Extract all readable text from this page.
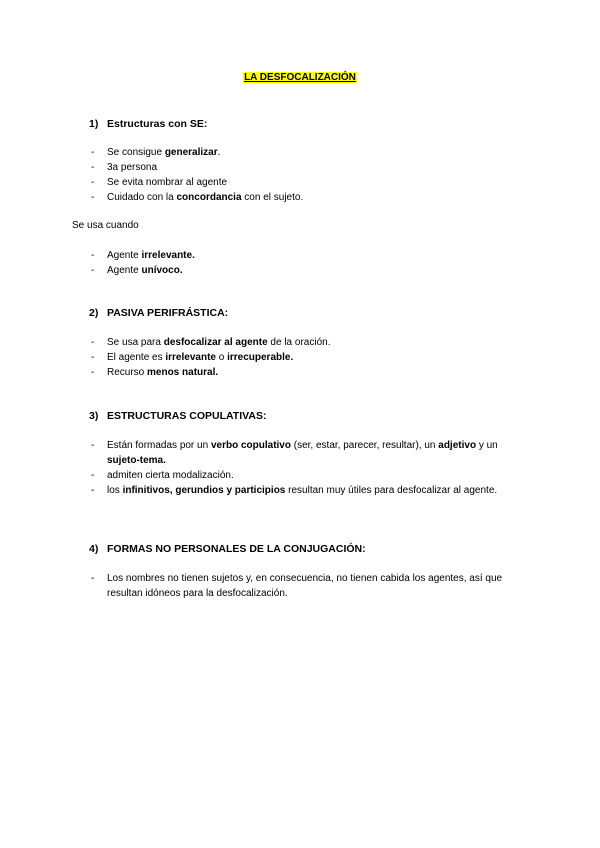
LA DESFOCALIZACIÓN
1) Estructuras con SE:
- Se consigue generalizar.
- 3a persona
- Se evita nombrar al agente
- Cuidado con la concordancia con el sujeto.
Se usa cuando
- Agente irrelevante.
- Agente unívoco.
2) PASIVA PERIFRÁSTICA:
- Se usa para desfocalizar al agente de la oración.
- El agente es irrelevante o irrecuperable.
- Recurso menos natural.
3) ESTRUCTURAS COPULATIVAS:
- Están formadas por un verbo copulativo (ser, estar, parecer, resultar), un adjetivo y un sujeto-tema.
- admiten cierta modalización.
- los infinitivos, gerundios y participios resultan muy útiles para desfocalizar al agente.
4) FORMAS NO PERSONALES DE LA CONJUGACIÓN:
- Los nombres no tienen sujetos y, en consecuencia, no tienen cabida los agentes, así que resultan idóneos para la desfocalización.
